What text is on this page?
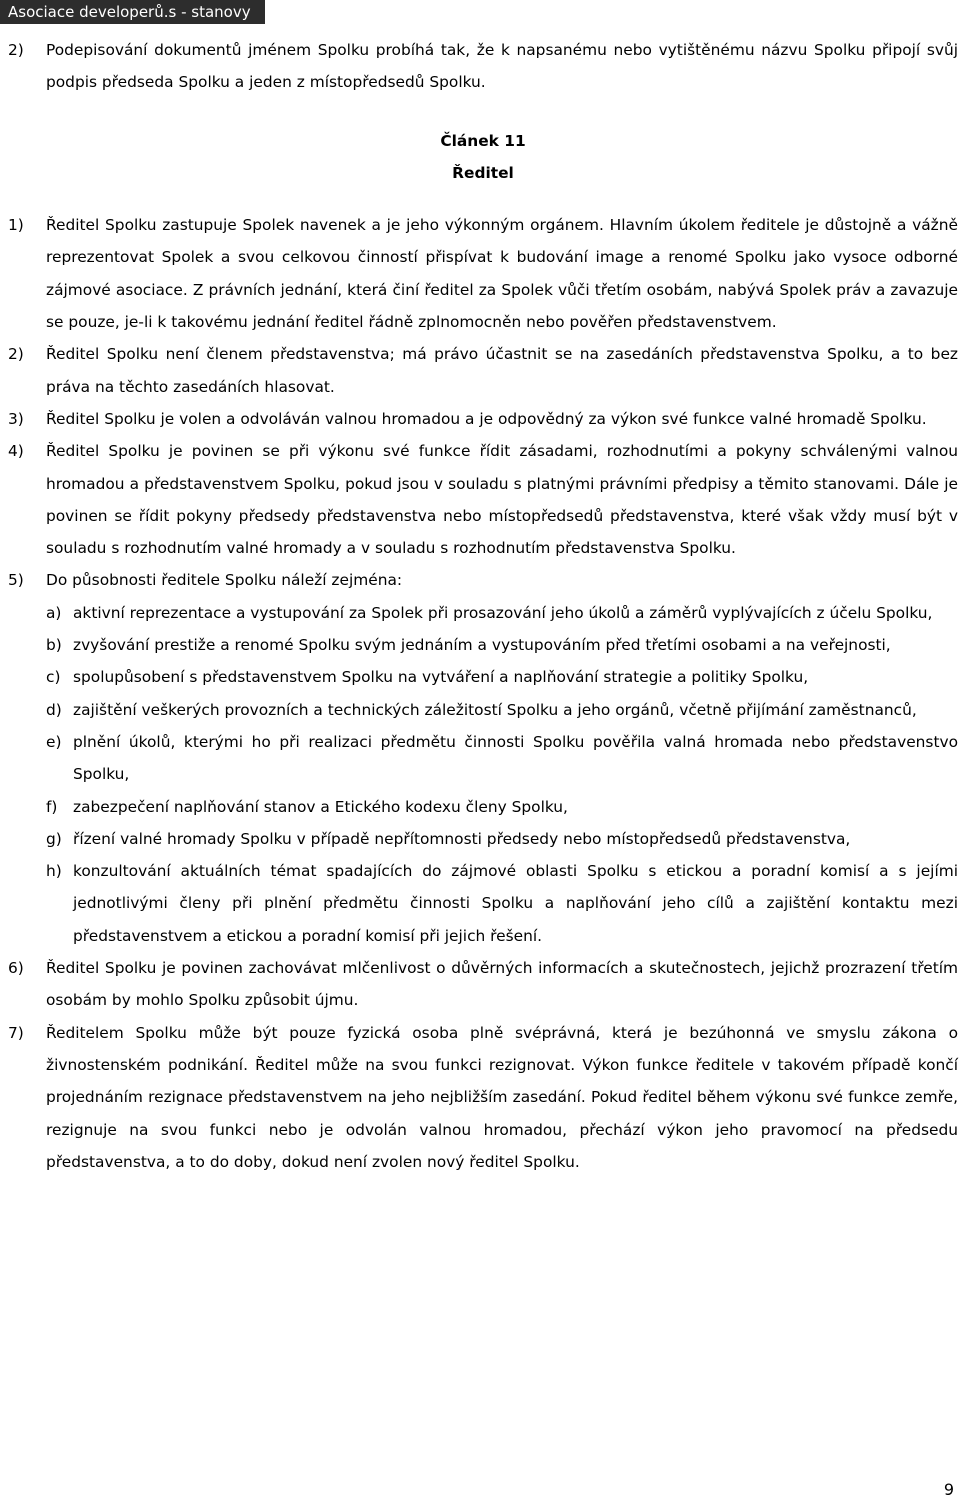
Asociace developerů.s - stanovy
2)	Podepisování dokumentů jménem Spolku probíhá tak, že k napsanému nebo vytištěnému názvu Spolku připojí svůj podpis předseda Spolku a jeden z místopředsedů Spolku.

Článek 11

Ředitel

1)	Ředitel Spolku zastupuje Spolek navenek a je jeho výkonným orgánem. Hlavním úkolem ředitele je důstojně a vážně reprezentovat Spolek a svou celkovou činností přispívat k budování image a renomé Spolku jako vysoce odborné zájmové asociace. Z právních jednání, která činí ředitel za Spolek vůči třetím osobám, nabývá Spolek práv a zavazuje se pouze, je-li k takovému jednání ředitel řádně zplnomocněn nebo pověřen představenstvem.
2)	Ředitel Spolku není členem představenstva; má právo účastnit se na zasedáních představenstva Spolku, a to bez práva na těchto zasedáních hlasovat.
3)	Ředitel Spolku je volen a odvoláván valnou hromadou a je odpovědný za výkon své funkce valné hromadě Spolku.
4)	Ředitel Spolku je povinen se při výkonu své funkce řídit zásadami, rozhodnutími a pokyny schválenými valnou hromadou a představenstvem Spolku, pokud jsou v souladu s platnými právními předpisy a těmito stanovami. Dále je povinen se řídit pokyny předsedy představenstva nebo místopředsedů představenstva, které však vždy musí být v souladu s rozhodnutím valné hromady a v souladu s rozhodnutím představenstva Spolku.
5)	Do působnosti ředitele Spolku náleží zejména:
a) aktivní reprezentace a vystupování za Spolek při prosazování jeho úkolů a záměrů vyplývajících z účelu Spolku,
b) zvyšování prestiže a renomé Spolku svým jednáním a vystupováním před třetími osobami a na veřejnosti,
c) spolupůsobení s představenstvem Spolku na vytváření a naplňování strategie a politiky Spolku,
d) zajištění veškerých provozních a technických záležitostí Spolku a jeho orgánů, včetně přijímání zaměstnanců,
e) plnění úkolů, kterými ho při realizaci předmětu činnosti Spolku pověřila valná hromada nebo představenstvo Spolku,
f)	zabezpečení naplňování stanov a Etického kodexu členy Spolku,
g) řízení valné hromady Spolku v případě nepřítomnosti předsedy nebo místopředsedů představenstva,
h) konzultování aktuálních témat spadajících do zájmové oblasti Spolku s etickou a poradní komisí a s jejími jednotlivými členy při plnění předmětu činnosti Spolku a naplňování jeho cílů a zajištění kontaktu mezi představenstvem a etickou a poradní komisí při jejich řešení.
6)	Ředitel Spolku je povinen zachovávat mlčenlivost o důvěrných informacích a skutečnostech, jejichž prozrazení třetím osobám by mohlo Spolku způsobit újmu.
7)	Ředitelem Spolku může být pouze fyzická osoba plně svéprávná, která je bezúhonná ve smyslu zákona o živnostenském podnikání. Ředitel může na svou funkci rezignovat. Výkon funkce ředitele v takovém případě končí projednáním rezignace představenstvem na jeho nejbližším zasedání. Pokud ředitel během výkonu své funkce zemře, rezignuje na svou funkci nebo je odvolán valnou hromadou, přechází výkon jeho pravomocí na předsedu představenstva, a to do doby, dokud není zvolen nový ředitel Spolku.
9
